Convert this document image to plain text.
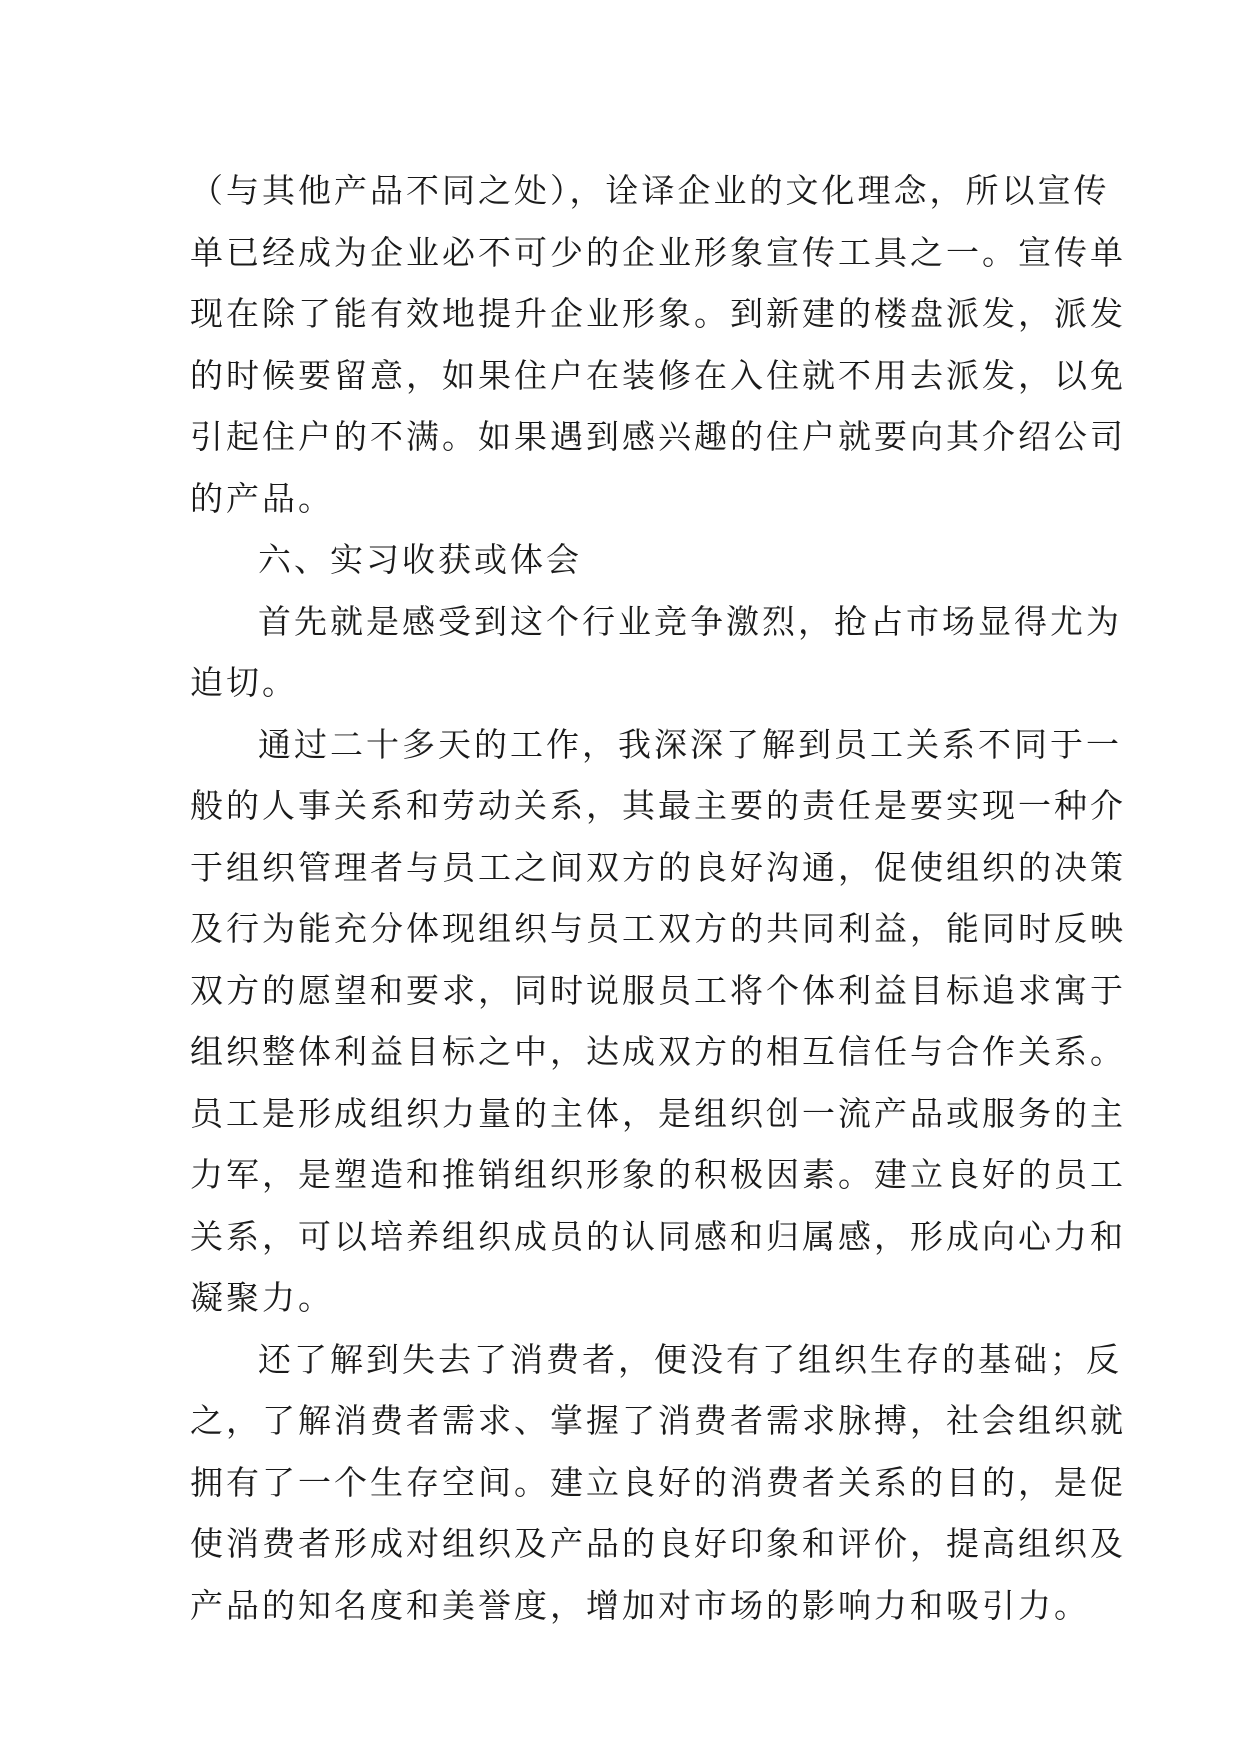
（与其他产品不同之处），诠译企业的文化理念，所以宣传
单已经成为企业必不可少的企业形象宣传工具之一。宣传单
现在除了能有效地提升企业形象。到新建的楼盘派发，派发
的时候要留意，如果住户在装修在入住就不用去派发，以免
引起住户的不满。如果遇到感兴趣的住户就要向其介绍公司
的产品。
六、实习收获或体会
首先就是感受到这个行业竞争激烈，抢占市场显得尤为
迫切。
通过二十多天的工作，我深深了解到员工关系不同于一
般的人事关系和劳动关系，其最主要的责任是要实现一种介
于组织管理者与员工之间双方的良好沟通，促使组织的决策
及行为能充分体现组织与员工双方的共同利益，能同时反映
双方的愿望和要求，同时说服员工将个体利益目标追求寓于
组织整体利益目标之中，达成双方的相互信任与合作关系。
员工是形成组织力量的主体，是组织创一流产品或服务的主
力军，是塑造和推销组织形象的积极因素。建立良好的员工
关系，可以培养组织成员的认同感和归属感，形成向心力和
凝聚力。
还了解到失去了消费者，便没有了组织生存的基础；反
之，了解消费者需求、掌握了消费者需求脉搏，社会组织就
拥有了一个生存空间。建立良好的消费者关系的目的，是促
使消费者形成对组织及产品的良好印象和评价，提高组织及
产品的知名度和美誉度，增加对市场的影响力和吸引力。
